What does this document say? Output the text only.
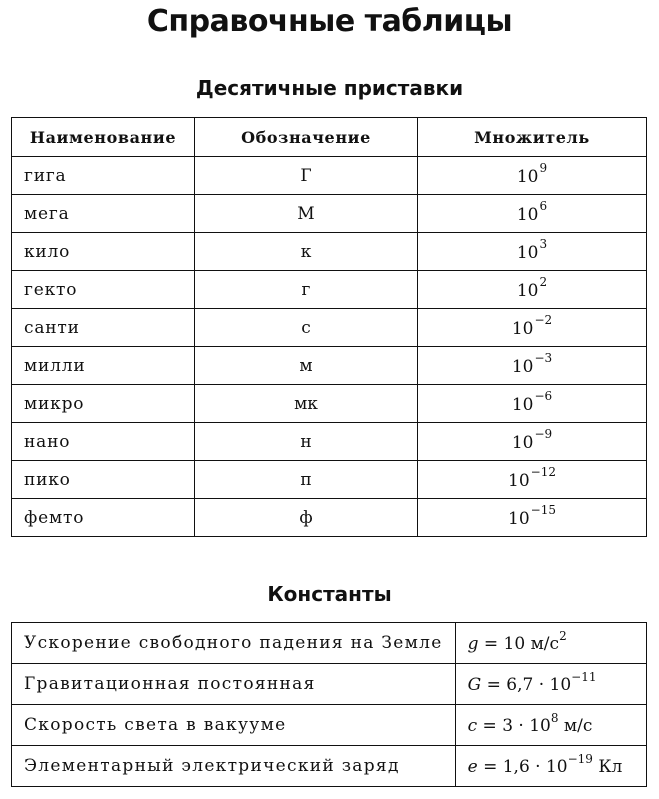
Справочные таблицы
Десятичные приставки
Наименование	Обозначение	Множитель
гига	Г	$10^9$
мега	М	$10^6$
кило	к	$10^3$
гекто	г	$10^2$
санти	с	$10^{-2}$
милли	м	$10^{-3}$
микро	мк	$10^{-6}$
нано	н	$10^{-9}$
пико	п	$10^{-12}$
фемто	ф	$10^{-15}$
Константы
Ускорение свободного падения на Земле	g = 10 $м/с^2$
Гравитационная постоянная	$G = 6,7 \cdot 10^{-11}$
Скорость света в вакууме	$c = 3 \cdot 10^8$ м/с
Элементарный электрический заряд	$e = 1,6 \cdot 10^{-19}$ Кл
